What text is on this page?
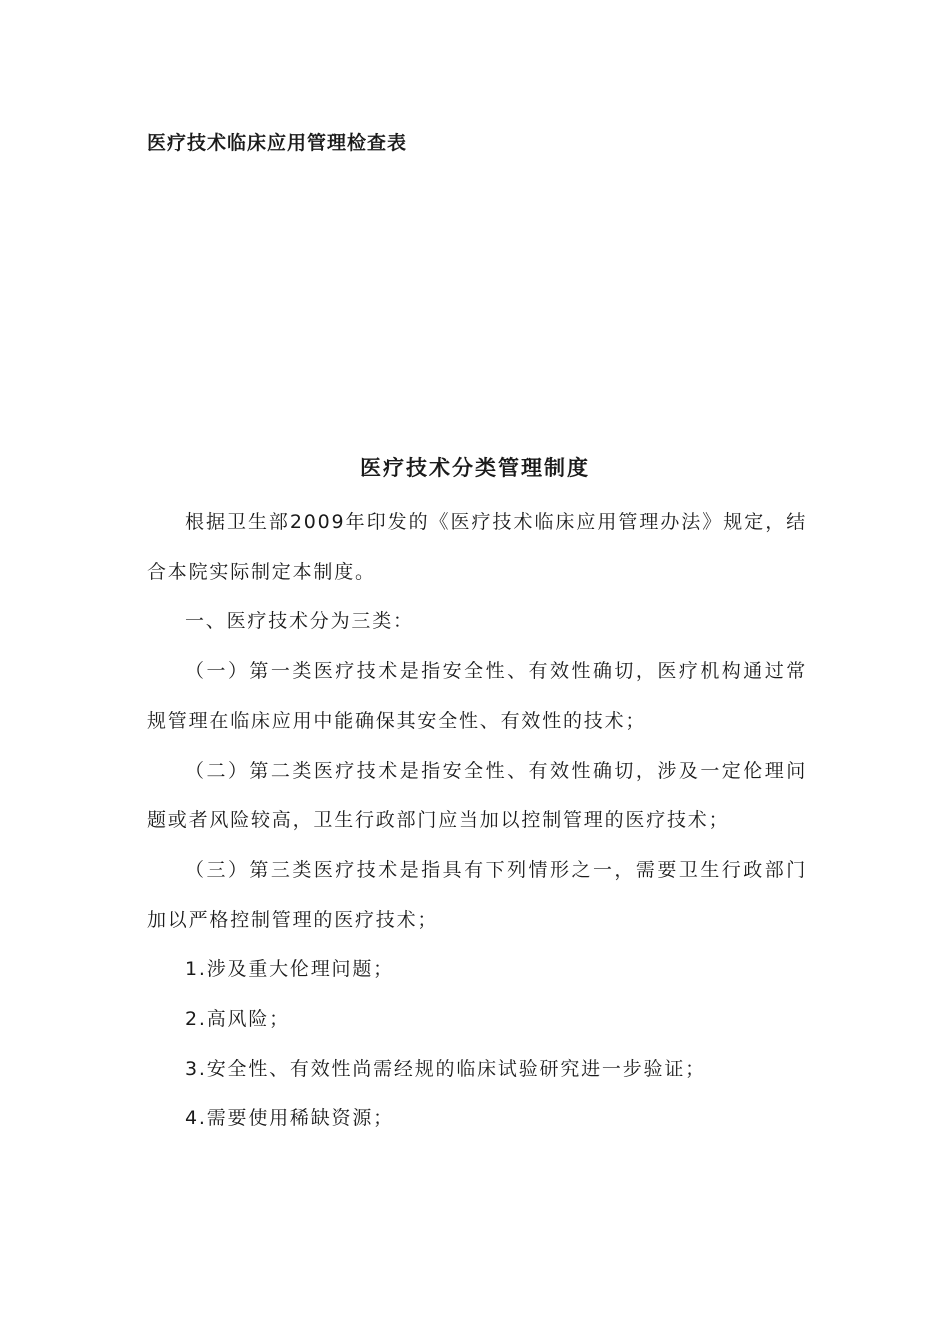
医疗技术临床应用管理检查表
医疗技术分类管理制度

根据卫生部2009年印发的《医疗技术临床应用管理办法》规定，结合本院实际制定本制度。

一、医疗技术分为三类：

（一）第一类医疗技术是指安全性、有效性确切，医疗机构通过常规管理在临床应用中能确保其安全性、有效性的技术；

（二）第二类医疗技术是指安全性、有效性确切，涉及一定伦理问题或者风险较高，卫生行政部门应当加以控制管理的医疗技术；

（三）第三类医疗技术是指具有下列情形之一，需要卫生行政部门加以严格控制管理的医疗技术；

1.涉及重大伦理问题；

2.高风险；

3.安全性、有效性尚需经规的临床试验研究进一步验证；

4.需要使用稀缺资源；
